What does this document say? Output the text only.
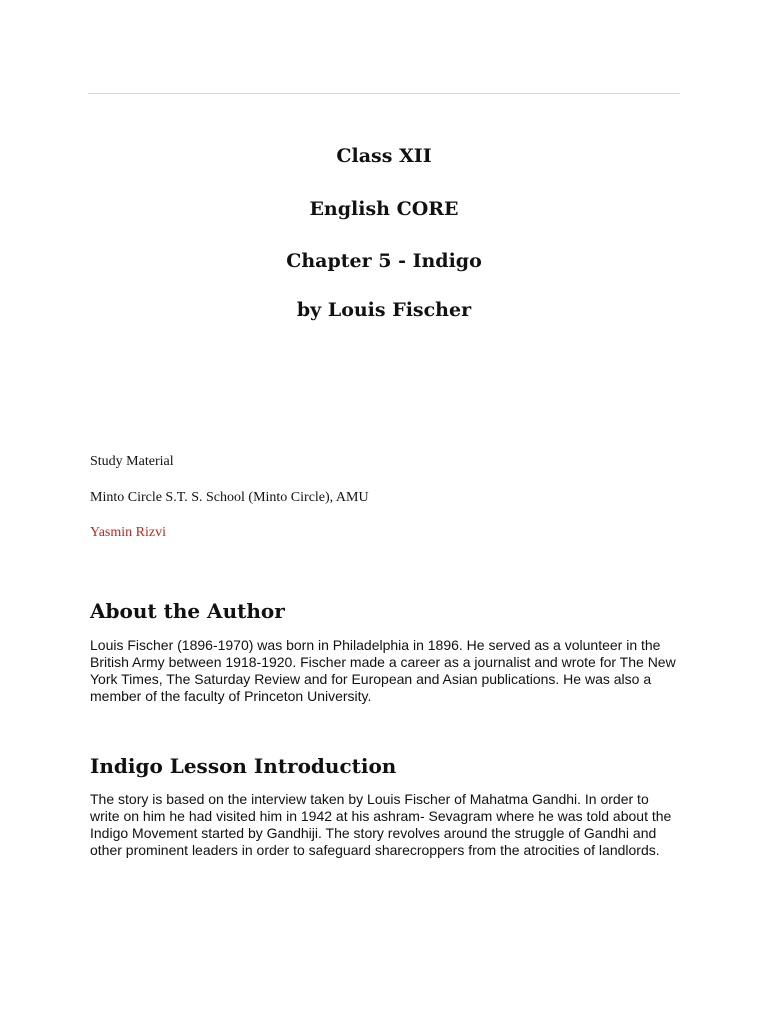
Class XII
English CORE
Chapter 5 - Indigo
by Louis Fischer
Study Material
Minto Circle S.T. S. School (Minto Circle), AMU
Yasmin Rizvi
About the Author
Louis Fischer (1896-1970) was born in Philadelphia in 1896. He served as a volunteer in the British Army between 1918-1920. Fischer made a career as a journalist and wrote for The New York Times, The Saturday Review and for European and Asian publications. He was also a member of the faculty of Princeton University.
Indigo Lesson Introduction
The story is based on the interview taken by Louis Fischer of Mahatma Gandhi. In order to write on him he had visited him in 1942 at his ashram- Sevagram where he was told about the Indigo Movement started by Gandhiji. The story revolves around the struggle of Gandhi and other prominent leaders in order to safeguard sharecroppers from the atrocities of landlords.
